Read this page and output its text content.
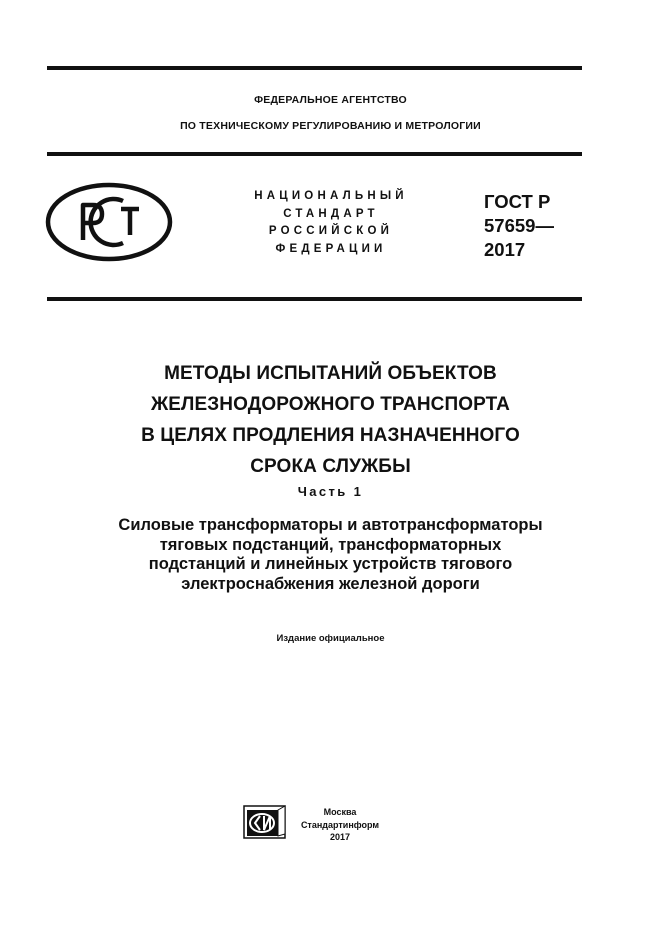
ФЕДЕРАЛЬНОЕ АГЕНТСТВО
ПО ТЕХНИЧЕСКОМУ РЕГУЛИРОВАНИЮ И МЕТРОЛОГИИ
НАЦИОНАЛЬНЫЙ
СТАНДАРТ
РОССИЙСКОЙ
ФЕДЕРАЦИИ
ГОСТ Р
57659—
2017
МЕТОДЫ ИСПЫТАНИЙ ОБЪЕКТОВ
ЖЕЛЕЗНОДОРОЖНОГО ТРАНСПОРТА
В ЦЕЛЯХ ПРОДЛЕНИЯ НАЗНАЧЕННОГО
СРОКА СЛУЖБЫ
Часть 1
Силовые трансформаторы и автотрансформаторы
тяговых подстанций, трансформаторных
подстанций и линейных устройств тягового
электроснабжения железной дороги
Издание официальное
Москва
Стандартинформ
2017
